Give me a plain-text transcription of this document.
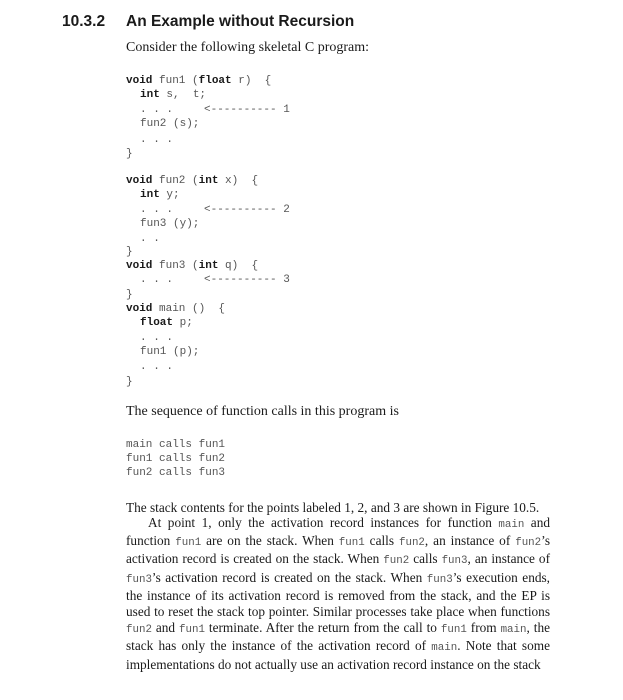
10.3.2 An Example without Recursion
Consider the following skeletal C program:
void fun1 (float r)  {
int s,  t;
. . .	<---------- 1
fun2 (s);
. . .
}
void fun2 (int x)  {
int y;
. . .	<---------- 2
fun3 (y);
. .
}
void fun3 (int q)  {
. . .	<---------- 3
}
void main ()  {
float p;
. . .
fun1 (p);
. . .
}
The sequence of function calls in this program is
main calls fun1
fun1 calls fun2
fun2 calls fun3
The stack contents for the points labeled 1, 2, and 3 are shown in Figure 10.5.
At point 1, only the activation record instances for function main and function fun1 are on the stack. When fun1 calls fun2, an instance of fun2’s activation record is created on the stack. When fun2 calls fun3, an instance of fun3’s activation record is created on the stack. When fun3’s execution ends, the instance of its activation record is removed from the stack, and the EP is used to reset the stack top pointer. Similar processes take place when functions fun2 and fun1 terminate. After the return from the call to fun1 from main, the stack has only the instance of the activation record of main. Note that some implementations do not actually use an activation record instance on the stack
